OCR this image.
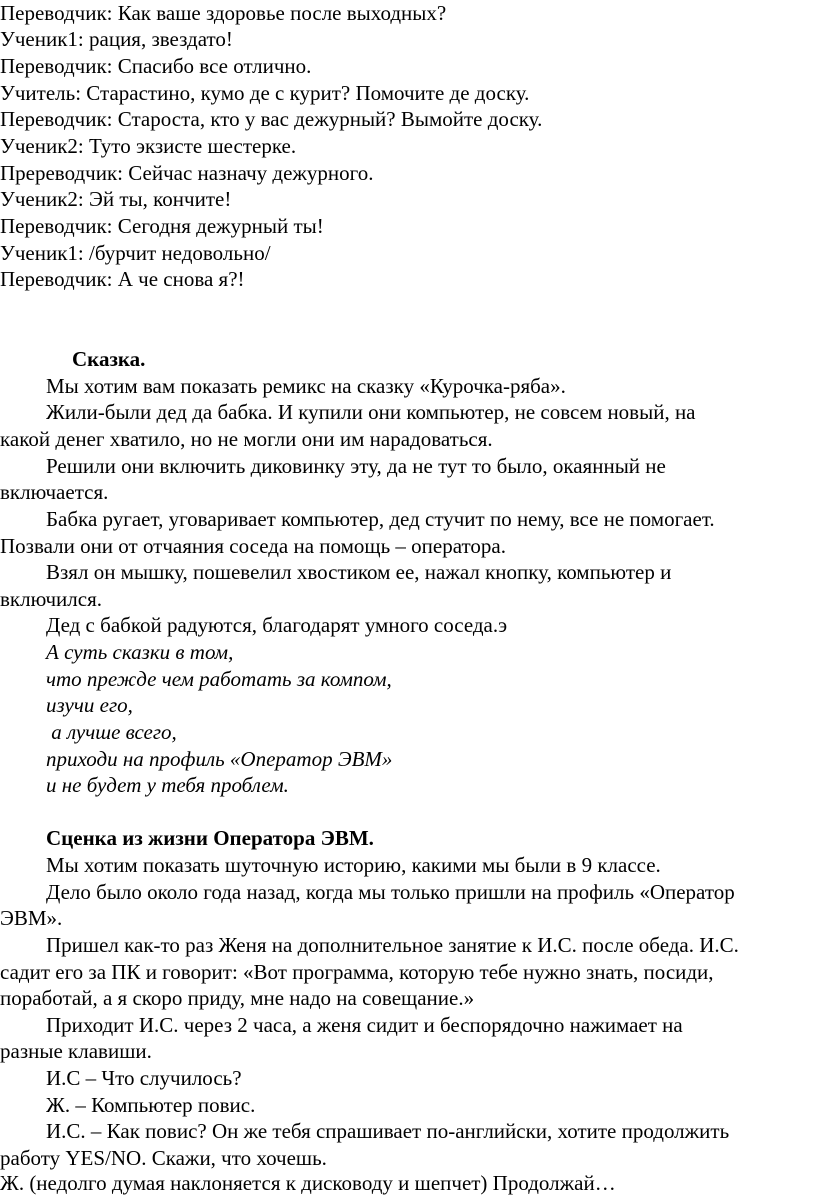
Переводчик: Как ваше здоровье после выходных?
Ученик1: рация, звездато!
Переводчик: Спасибо все отлично.
Учитель: Старастино, кумо де с курит? Помочите де доску.
Переводчик: Староста, кто у вас дежурный? Вымойте доску.
Ученик2: Туто экзисте шестерке.
Пререводчик: Сейчас назначу дежурного.
Ученик2: Эй ты, кончите!
Переводчик: Сегодня дежурный ты!
Ученик1: /бурчит недовольно/
Переводчик: А че снова я?!
Сказка.
Мы хотим вам показать ремикс на сказку «Курочка-ряба».
Жили-были дед да бабка. И купили они компьютер, не совсем новый, на
какой денег хватило, но не могли они им нарадоваться.
Решили они включить диковинку эту, да не тут то было, окаянный не
включается.
Бабка ругает, уговаривает компьютер, дед стучит по нему, все не помогает.
Позвали они от отчаяния соседа на помощь – оператора.
Взял он мышку, пошевелил хвостиком ее, нажал кнопку, компьютер и
включился.
Дед с бабкой радуются, благодарят умного соседа.э
А суть сказки в том,
что прежде чем работать за компом,
изучи его,
а лучше всего,
приходи на профиль «Оператор ЭВМ»
и не будет у тебя проблем.
Сценка из жизни Оператора ЭВМ.
Мы хотим показать шуточную историю, какими мы были в 9 классе.
Дело было около года назад, когда мы только пришли на профиль «Оператор
ЭВМ».
Пришел как-то раз Женя на дополнительное занятие к И.С. после обеда. И.С.
садит его за ПК и говорит: «Вот программа, которую тебе нужно знать, посиди,
поработай, а я скоро приду, мне надо на совещание.»
Приходит И.С. через 2 часа, а женя сидит и беспорядочно нажимает на
разные клавиши.
И.С – Что случилось?
Ж. – Компьютер повис.
И.С. – Как повис? Он же тебя спрашивает по-английски, хотите продолжить
работу YES/NO. Скажи, что хочешь.
Ж. (недолго думая наклоняется к дисководу и шепчет) Продолжай…
